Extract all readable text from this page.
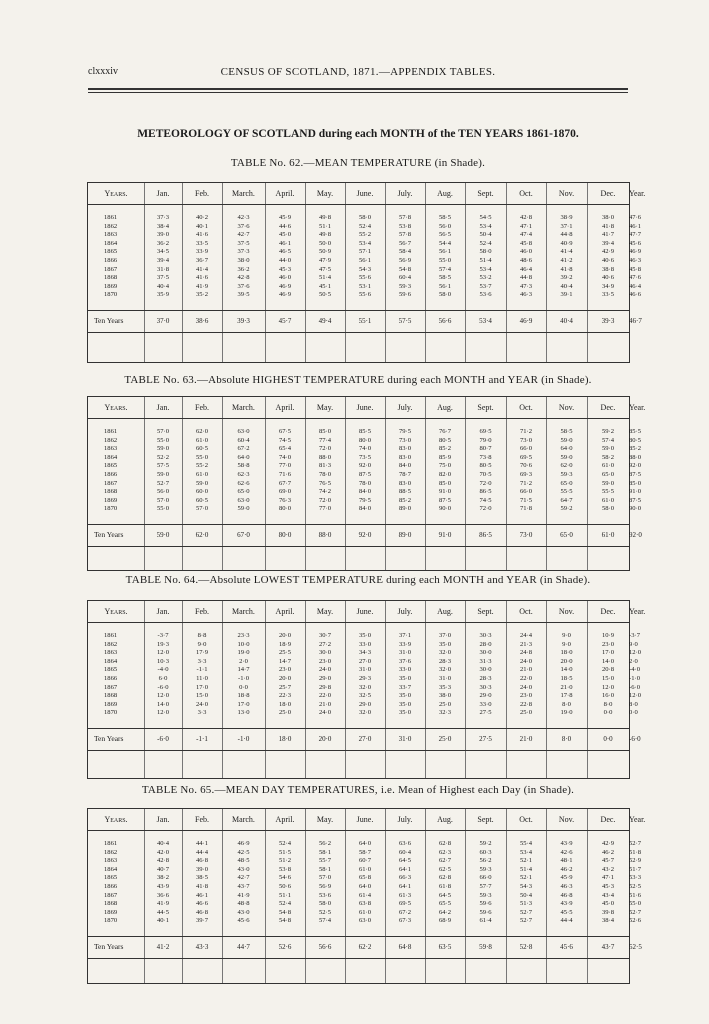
clxxxiv	CENSUS OF SCOTLAND, 1871.—APPENDIX TABLES.
METEOROLOGY OF SCOTLAND during each MONTH of the TEN YEARS 1861-1870.
TABLE No. 62.—MEAN TEMPERATURE (in Shade).
Years.	Jan.	Feb.	March.	April.	May.	June.	July.	Aug.	Sept.	Oct.	Nov.	Dec.	Year.
1861	37·3	40·2	42·3	45·9	49·8	58·0	57·8	58·5	54·5	42·8	38·9	38·0	47·6
1862	38·4	40·1	37·6	44·6	51·1	52·4	53·8	56·0	53·4	47·1	37·1	41·8	46·1
1863	39·0	41·6	42·7	45·0	49·8	55·2	57·8	56·5	50·4	47·4	44·8	41·7	47·7
1864	36·2	33·5	37·5	46·1	50·0	53·4	56·7	54·4	52·4	45·8	40·9	39·4	45·6
1865	34·5	33·9	37·3	46·5	50·9	57·1	58·4	56·1	58·0	46·0	41·4	42·9	46·9
1866	39·4	36·7	38·0	44·0	47·9	56·1	56·9	55·0	51·4	48·6	41·2	40·6	46·3
1867	31·8	41·4	36·2	45·3	47·5	54·3	54·8	57·4	53·4	46·4	41·8	38·8	45·8
1868	37·5	41·6	42·8	46·0	51·4	55·6	60·4	58·5	53·2	44·8	39·2	40·6	47·6
1869	40·4	41·9	37·6	46·9	45·1	53·1	59·3	56·1	53·7	47·3	40·4	34·9	46·4
1870	35·9	35·2	39·5	46·9	50·5	55·6	59·6	58·0	53·6	46·3	39·1	33·5	46·6
Ten Years	37·0	38·6	39·3	45·7	49·4	55·1	57·5	56·6	53·4	46·9	40·4	39·3	46·7
TABLE No. 63.—Absolute HIGHEST TEMPERATURE during each MONTH and YEAR (in Shade).
Years.	Jan.	Feb.	March.	April.	May.	June.	July.	Aug.	Sept.	Oct.	Nov.	Dec.	Year.
1861	57·0	62·0	63·0	67·5	85·0	85·5	79·5	76·7	69·5	71·2	58·5	59·2	85·5
1862	55·0	61·0	60·4	74·5	77·4	80·0	73·0	80·5	79·0	73·0	59·0	57·4	80·5
1863	59·0	60·5	67·2	65·4	72·0	74·0	83·0	85·2	80·7	66·0	64·0	59·0	85·2
1864	52·2	55·0	64·0	74·0	88·0	73·5	83·0	85·9	73·8	69·5	59·0	58·2	88·0
1865	57·5	55·2	58·8	77·0	81·3	92·0	84·0	75·0	80·5	70·6	62·0	61·0	92·0
1866	59·0	61·0	62·3	71·6	78·0	87·5	78·7	82·0	70·5	69·3	59·3	65·0	87·5
1867	52·7	59·0	62·6	67·7	76·5	78·0	83·0	85·0	72·0	71·2	65·0	59·0	85·0
1868	56·0	60·0	65·0	69·0	74·2	84·0	88·5	91·0	86·5	66·0	55·5	55·5	91·0
1869	57·0	60·5	63·0	76·3	72·0	79·5	85·2	87·5	74·5	71·5	64·7	61·0	87·5
1870	55·0	57·0	59·0	80·0	77·0	84·0	89·0	90·0	72·0	71·8	59·2	58·0	90·0
Ten Years	59·0	62·0	67·0	80·0	88·0	92·0	89·0	91·0	86·5	73·0	65·0	61·0	92·0
TABLE No. 64.—Absolute LOWEST TEMPERATURE during each MONTH and YEAR (in Shade).
Years.	Jan.	Feb.	March.	April.	May.	June.	July.	Aug.	Sept.	Oct.	Nov.	Dec.	Year.
1861	-3·7	8·8	23·3	20·0	30·7	35·0	37·1	37·0	30·3	24·4	9·0	10·9	-3·7
1862	19·3	9·0	10·0	18·9	27·2	33·0	33·9	35·0	28·0	21·3	9·0	23·0	9·0
1863	12·0	17·9	19·0	25·5	30·0	34·3	31·0	32·0	30·0	24·8	18·0	17·0	12·0
1864	10·3	3·3	2·0	14·7	23·0	27·0	37·6	28·3	31·3	24·0	20·0	14·0	2·0
1865	-4·0	-1·1	14·7	23·0	24·0	31·0	33·0	32·0	30·0	21·0	14·0	20·8	-4·0
1866	6·0	11·0	-1·0	20·0	29·0	29·3	35·0	31·0	28·3	22·0	18·5	15·0	-1·0
1867	-6·0	17·0	0·0	25·7	29·8	32·0	33·7	35·3	30·3	24·0	21·0	12·0	-6·0
1868	12·0	15·0	18·8	22·3	22·0	32·5	35·0	38·0	29·0	23·0	17·8	16·0	12·0
1869	14·0	24·0	17·0	18·0	21·0	29·0	35·0	25·0	33·0	22·8	8·0	8·0	8·0
1870	12·0	3·3	13·0	25·0	24·0	32·0	35·0	32·3	27·5	25·0	19·0	0·0	0·0
Ten Years	-6·0	-1·1	-1·0	18·0	20·0	27·0	31·0	25·0	27·5	21·0	8·0	0·0	-6·0
TABLE No. 65.—MEAN DAY TEMPERATURES, i.e. Mean of Highest each Day (in Shade).
Years.	Jan.	Feb.	March.	April.	May.	June.	July.	Aug.	Sept.	Oct.	Nov.	Dec.	Year.
1861	40·4	44·1	46·9	52·4	56·2	64·0	63·6	62·8	59·2	55·4	43·9	42·9	52·7
1862	42·0	44·4	42·5	51·5	58·1	58·7	60·4	62·3	60·3	53·4	42·6	46·2	51·8
1863	42·8	46·8	48·5	51·2	55·7	60·7	64·5	62·7	56·2	52·1	48·1	45·7	52·9
1864	40·7	39·0	43·0	53·8	58·1	61·0	64·1	62·5	59·3	51·4	46·2	43·2	51·7
1865	38·2	38·5	42·7	54·6	57·0	65·8	66·3	62·8	66·0	52·1	45·9	47·1	53·3
1866	43·9	41·8	43·7	50·6	56·9	64·0	64·1	61·8	57·7	54·3	46·3	45·3	52·5
1867	36·6	46·1	41·9	51·1	53·6	61·4	61·3	64·5	59·3	50·4	46·8	43·4	51·6
1868	41·9	46·6	48·8	52·4	58·0	63·8	69·5	65·5	59·6	51·3	43·9	45·0	55·0
1869	44·5	46·8	43·0	54·8	52·5	61·0	67·2	64·2	59·6	52·7	45·5	39·8	52·7
1870	40·1	39·7	45·6	54·8	57·4	63·0	67·3	68·9	61·4	52·7	44·4	38·4	52·6
Ten Years	41·2	43·3	44·7	52·6	56·6	62·2	64·8	63·5	59·8	52·8	45·6	43·7	52·5
